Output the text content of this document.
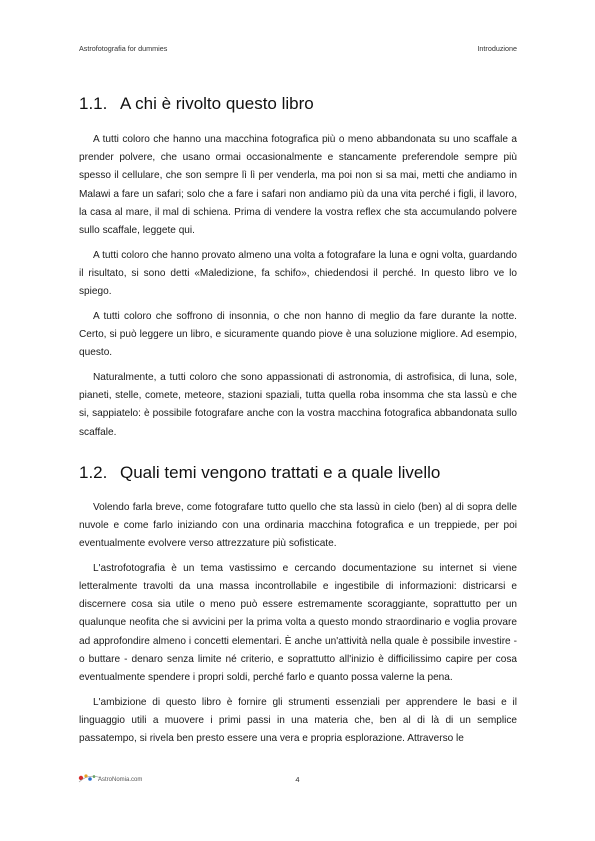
Astrofotografia for dummies	Introduzione
1.1. A chi è rivolto questo libro

A tutti coloro che hanno una macchina fotografica più o meno abbandonata su uno scaffale a prender polvere, che usano ormai occasionalmente e stancamente preferendole sempre più spesso il cellulare, che son sempre lì lì per venderla, ma poi non si sa mai, metti che andiamo in Malawi a fare un safari; solo che a fare i safari non andiamo più da una vita perché i figli, il lavoro, la casa al mare, il mal di schiena. Prima di vendere la vostra reflex che sta accumulando polvere sullo scaffale, leggete qui.

A tutti coloro che hanno provato almeno una volta a fotografare la luna e ogni volta, guardando il risultato, si sono detti «Maledizione, fa schifo», chiedendosi il perché. In questo libro ve lo spiego.

A tutti coloro che soffrono di insonnia, o che non hanno di meglio da fare durante la notte. Certo, si può leggere un libro, e sicuramente quando piove è una soluzione migliore. Ad esempio, questo.

Naturalmente, a tutti coloro che sono appassionati di astronomia, di astrofisica, di luna, sole, pianeti, stelle, comete, meteore, stazioni spaziali, tutta quella roba insomma che sta lassù e che si, sappiatelo: è possibile fotografare anche con la vostra macchina fotografica abbandonata sullo scaffale.

1.2. Quali temi vengono trattati e a quale livello

Volendo farla breve, come fotografare tutto quello che sta lassù in cielo (ben) al di sopra delle nuvole e come farlo iniziando con una ordinaria macchina fotografica e un treppiede, per poi eventualmente evolvere verso attrezzature più sofisticate.

L'astrofotografia è un tema vastissimo e cercando documentazione su internet si viene letteralmente travolti da una massa incontrollabile e ingestibile di informazioni: districarsi e discernere cosa sia utile o meno può essere estremamente scoraggiante, soprattutto per un qualunque neofita che si avvicini per la prima volta a questo mondo straordinario e voglia provare ad approfondire almeno i concetti elementari. È anche un'attività nella quale è possibile investire - o buttare - denaro senza limite né criterio, e soprattutto all'inizio è difficilissimo capire per cosa eventualmente spendere i propri soldi, perché farlo e quanto possa valerne la pena.

L'ambizione di questo libro è fornire gli strumenti essenziali per apprendere le basi e il linguaggio utili a muovere i primi passi in una materia che, ben al di là di un semplice passatempo, si rivela ben presto essere una vera e propria esplorazione. Attraverso le

AstroNomia.com	4
